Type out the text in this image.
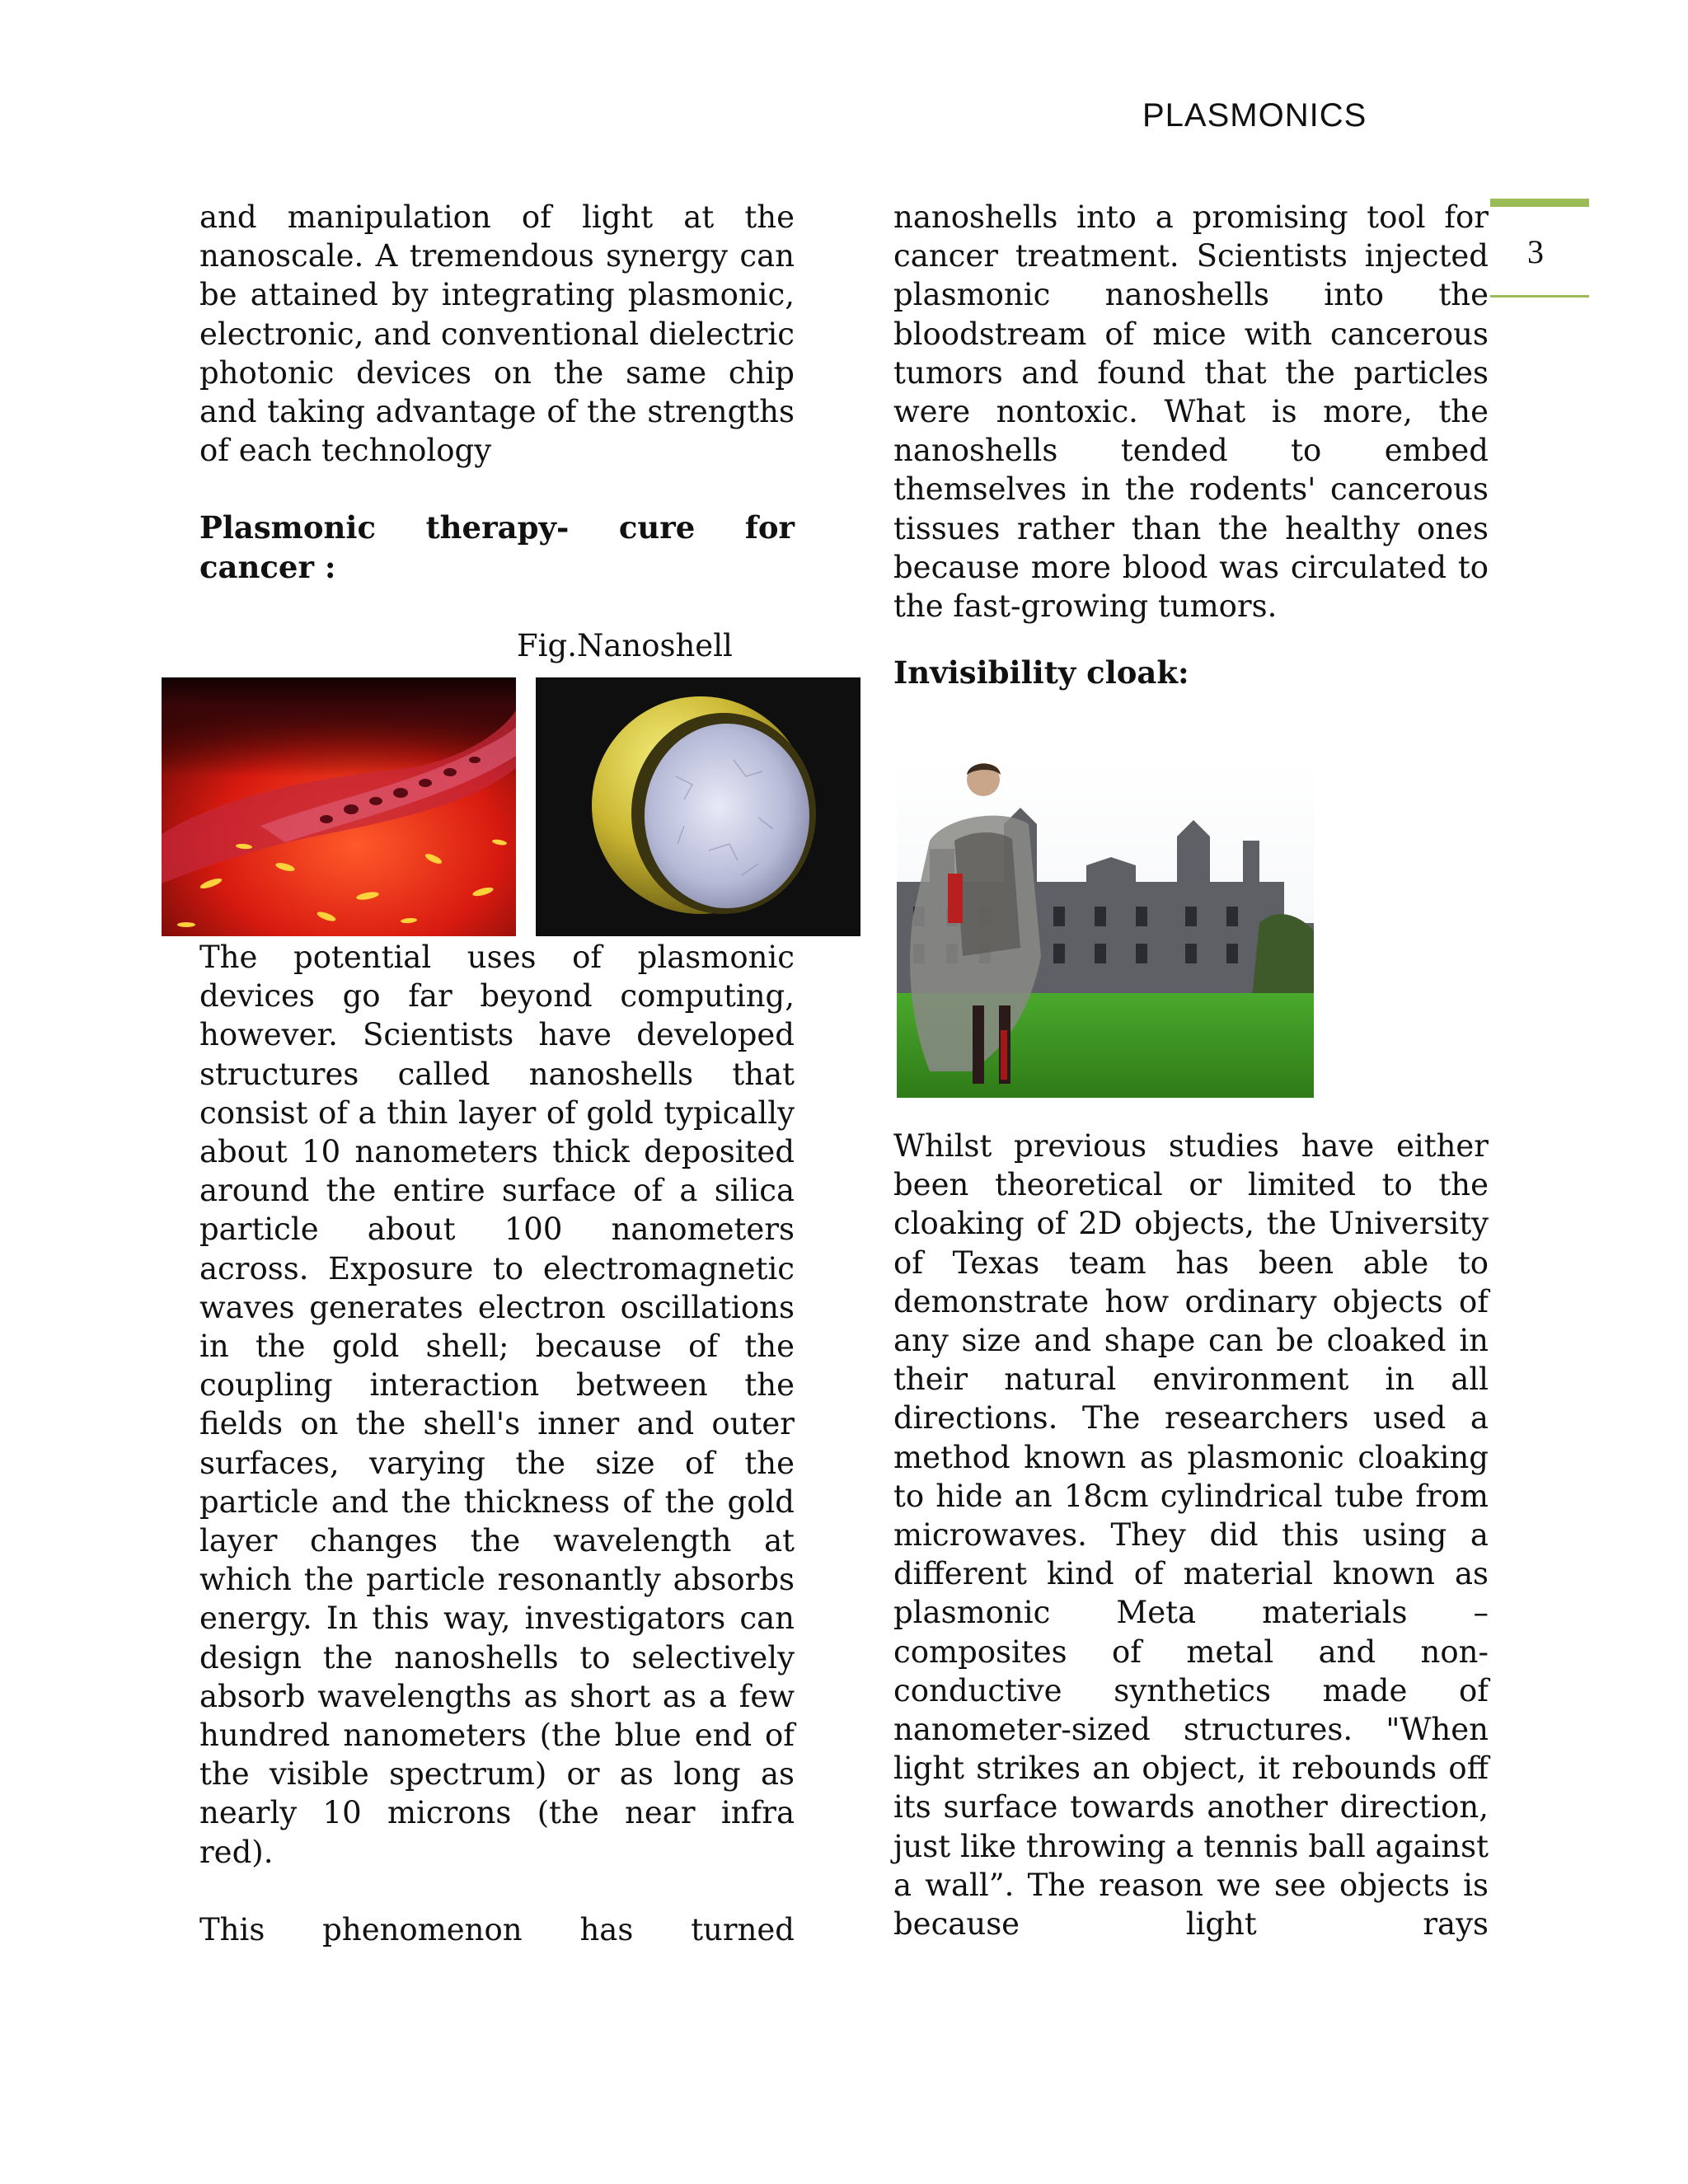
PLASMONICS
3

and manipulation of light at the nanoscale. A tremendous synergy can be attained by integrating plasmonic, electronic, and conventional dielectric photonic devices on the same chip and taking advantage of the strengths of each technology

Plasmonic therapy- cure for cancer :

Fig.Nanoshell

The potential uses of plasmonic devices go far beyond computing, however. Scientists have developed structures called nanoshells that consist of a thin layer of gold typically about 10 nanometers thick deposited around the entire surface of a silica particle about 100 nanometers across. Exposure to electromagnetic waves generates electron oscillations in the gold shell; because of the coupling interaction between the fields on the shell's inner and outer surfaces, varying the size of the particle and the thickness of the gold layer changes the wavelength at which the particle resonantly absorbs energy. In this way, investigators can design the nanoshells to selectively absorb wavelengths as short as a few hundred nanometers (the blue end of the visible spectrum) or as long as nearly 10 microns (the near infra red).

This phenomenon has turned

nanoshells into a promising tool for cancer treatment. Scientists injected plasmonic nanoshells into the bloodstream of mice with cancerous tumors and found that the particles were nontoxic. What is more, the nanoshells tended to embed themselves in the rodents' cancerous tissues rather than the healthy ones because more blood was circulated to the fast-growing tumors.

Invisibility cloak:

Whilst previous studies have either been theoretical or limited to the cloaking of 2D objects, the University of Texas team has been able to demonstrate how ordinary objects of any size and shape can be cloaked in their natural environment in all directions. The researchers used a method known as plasmonic cloaking to hide an 18cm cylindrical tube from microwaves. They did this using a different kind of material known as plasmonic Meta materials – composites of metal and non-conductive synthetics made of nanometer-sized structures. "When light strikes an object, it rebounds off its surface towards another direction, just like throwing a tennis ball against a wall”. The reason we see objects is because light rays
